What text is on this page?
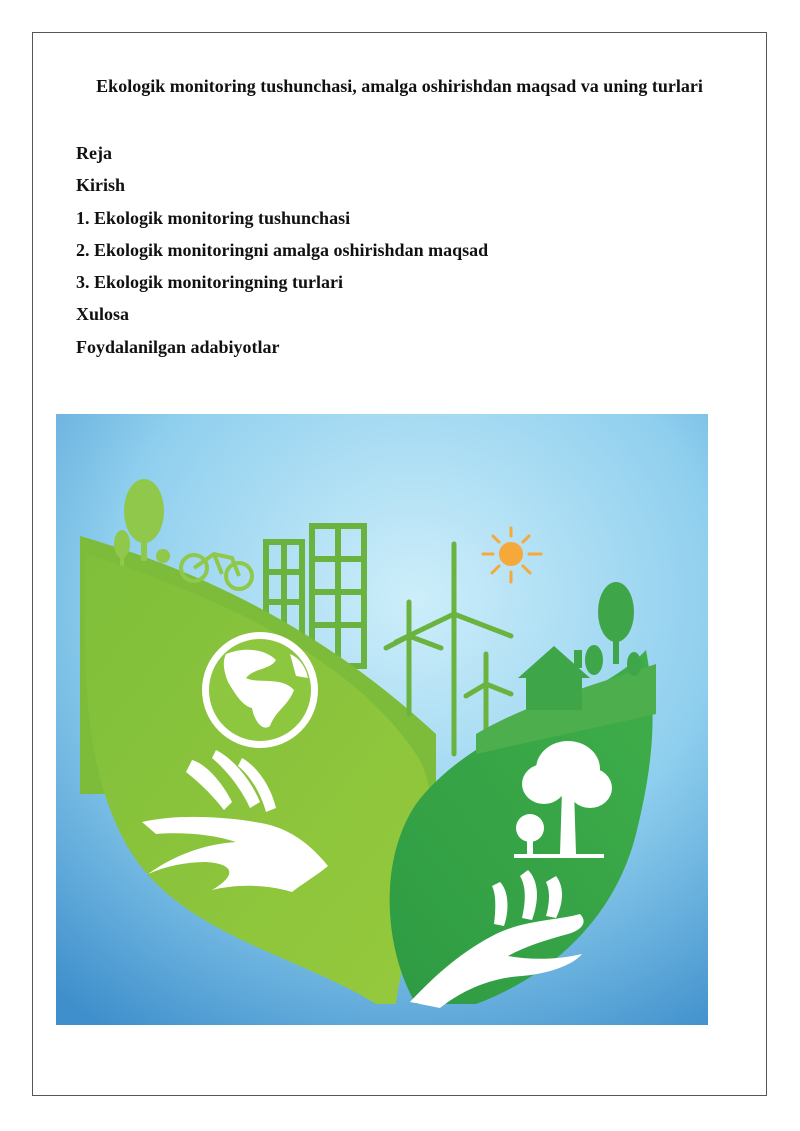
Ekologik monitoring tushunchasi, amalga oshirishdan maqsad va uning turlari
Reja
Kirish
1. Ekologik monitoring tushunchasi
2. Ekologik monitoringni amalga oshirishdan maqsad
3. Ekologik monitoringning turlari
Xulosa
Foydalanilgan adabiyotlar
